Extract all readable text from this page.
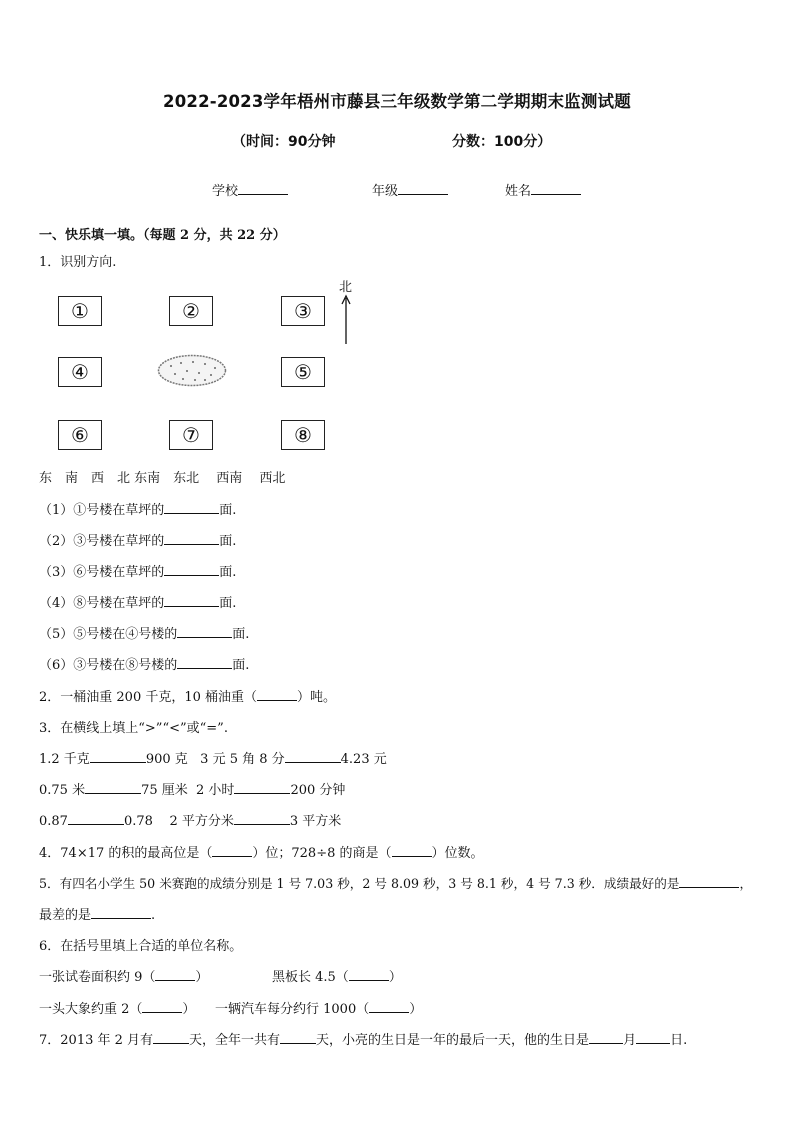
2022-2023学年梧州市藤县三年级数学第二学期期末监测试题
（时间：90分钟	分数：100分）
学校	年级	姓名
一、快乐填一填。（每题 2 分，共 22 分）
1．识别方向.
①	②	③
④	⑤
⑥	⑦	⑧
北
东　南　西　北 东南　东北　 西南　 西北
（1）①号楼在草坪的	面.
（2）③号楼在草坪的	面.
（3）⑥号楼在草坪的	面.
（4）⑧号楼在草坪的	面.
（5）⑤号楼在④号楼的	面.
（6）③号楼在⑧号楼的	面.
2．一桶油重 200 千克，10 桶油重（	）吨。
3．在横线上填上“>”“<”或“=”.
1.2 千克	900 克 3 元 5 角 8 分	4.23 元
0.75 米	75 厘米 2 小时	200 分钟
0.87	0.78 2 平方分米	3 平方米
4．74×17 的积的最高位是（	）位；728÷8 的商是（	）位数。
5．有四名小学生 50 米赛跑的成绩分别是 1 号 7.03 秒，2 号 8.09 秒，3 号 8.1 秒，4 号 7.3 秒．成绩最好的是	，
最差的是	.
6．在括号里填上合适的单位名称。
一张试卷面积约 9（	）	黑板长 4.5（	）
一头大象约重 2（	） 一辆汽车每分约行 1000（	）
7．2013 年 2 月有	天，全年一共有	天，小亮的生日是一年的最后一天，他的生日是	月	日.
